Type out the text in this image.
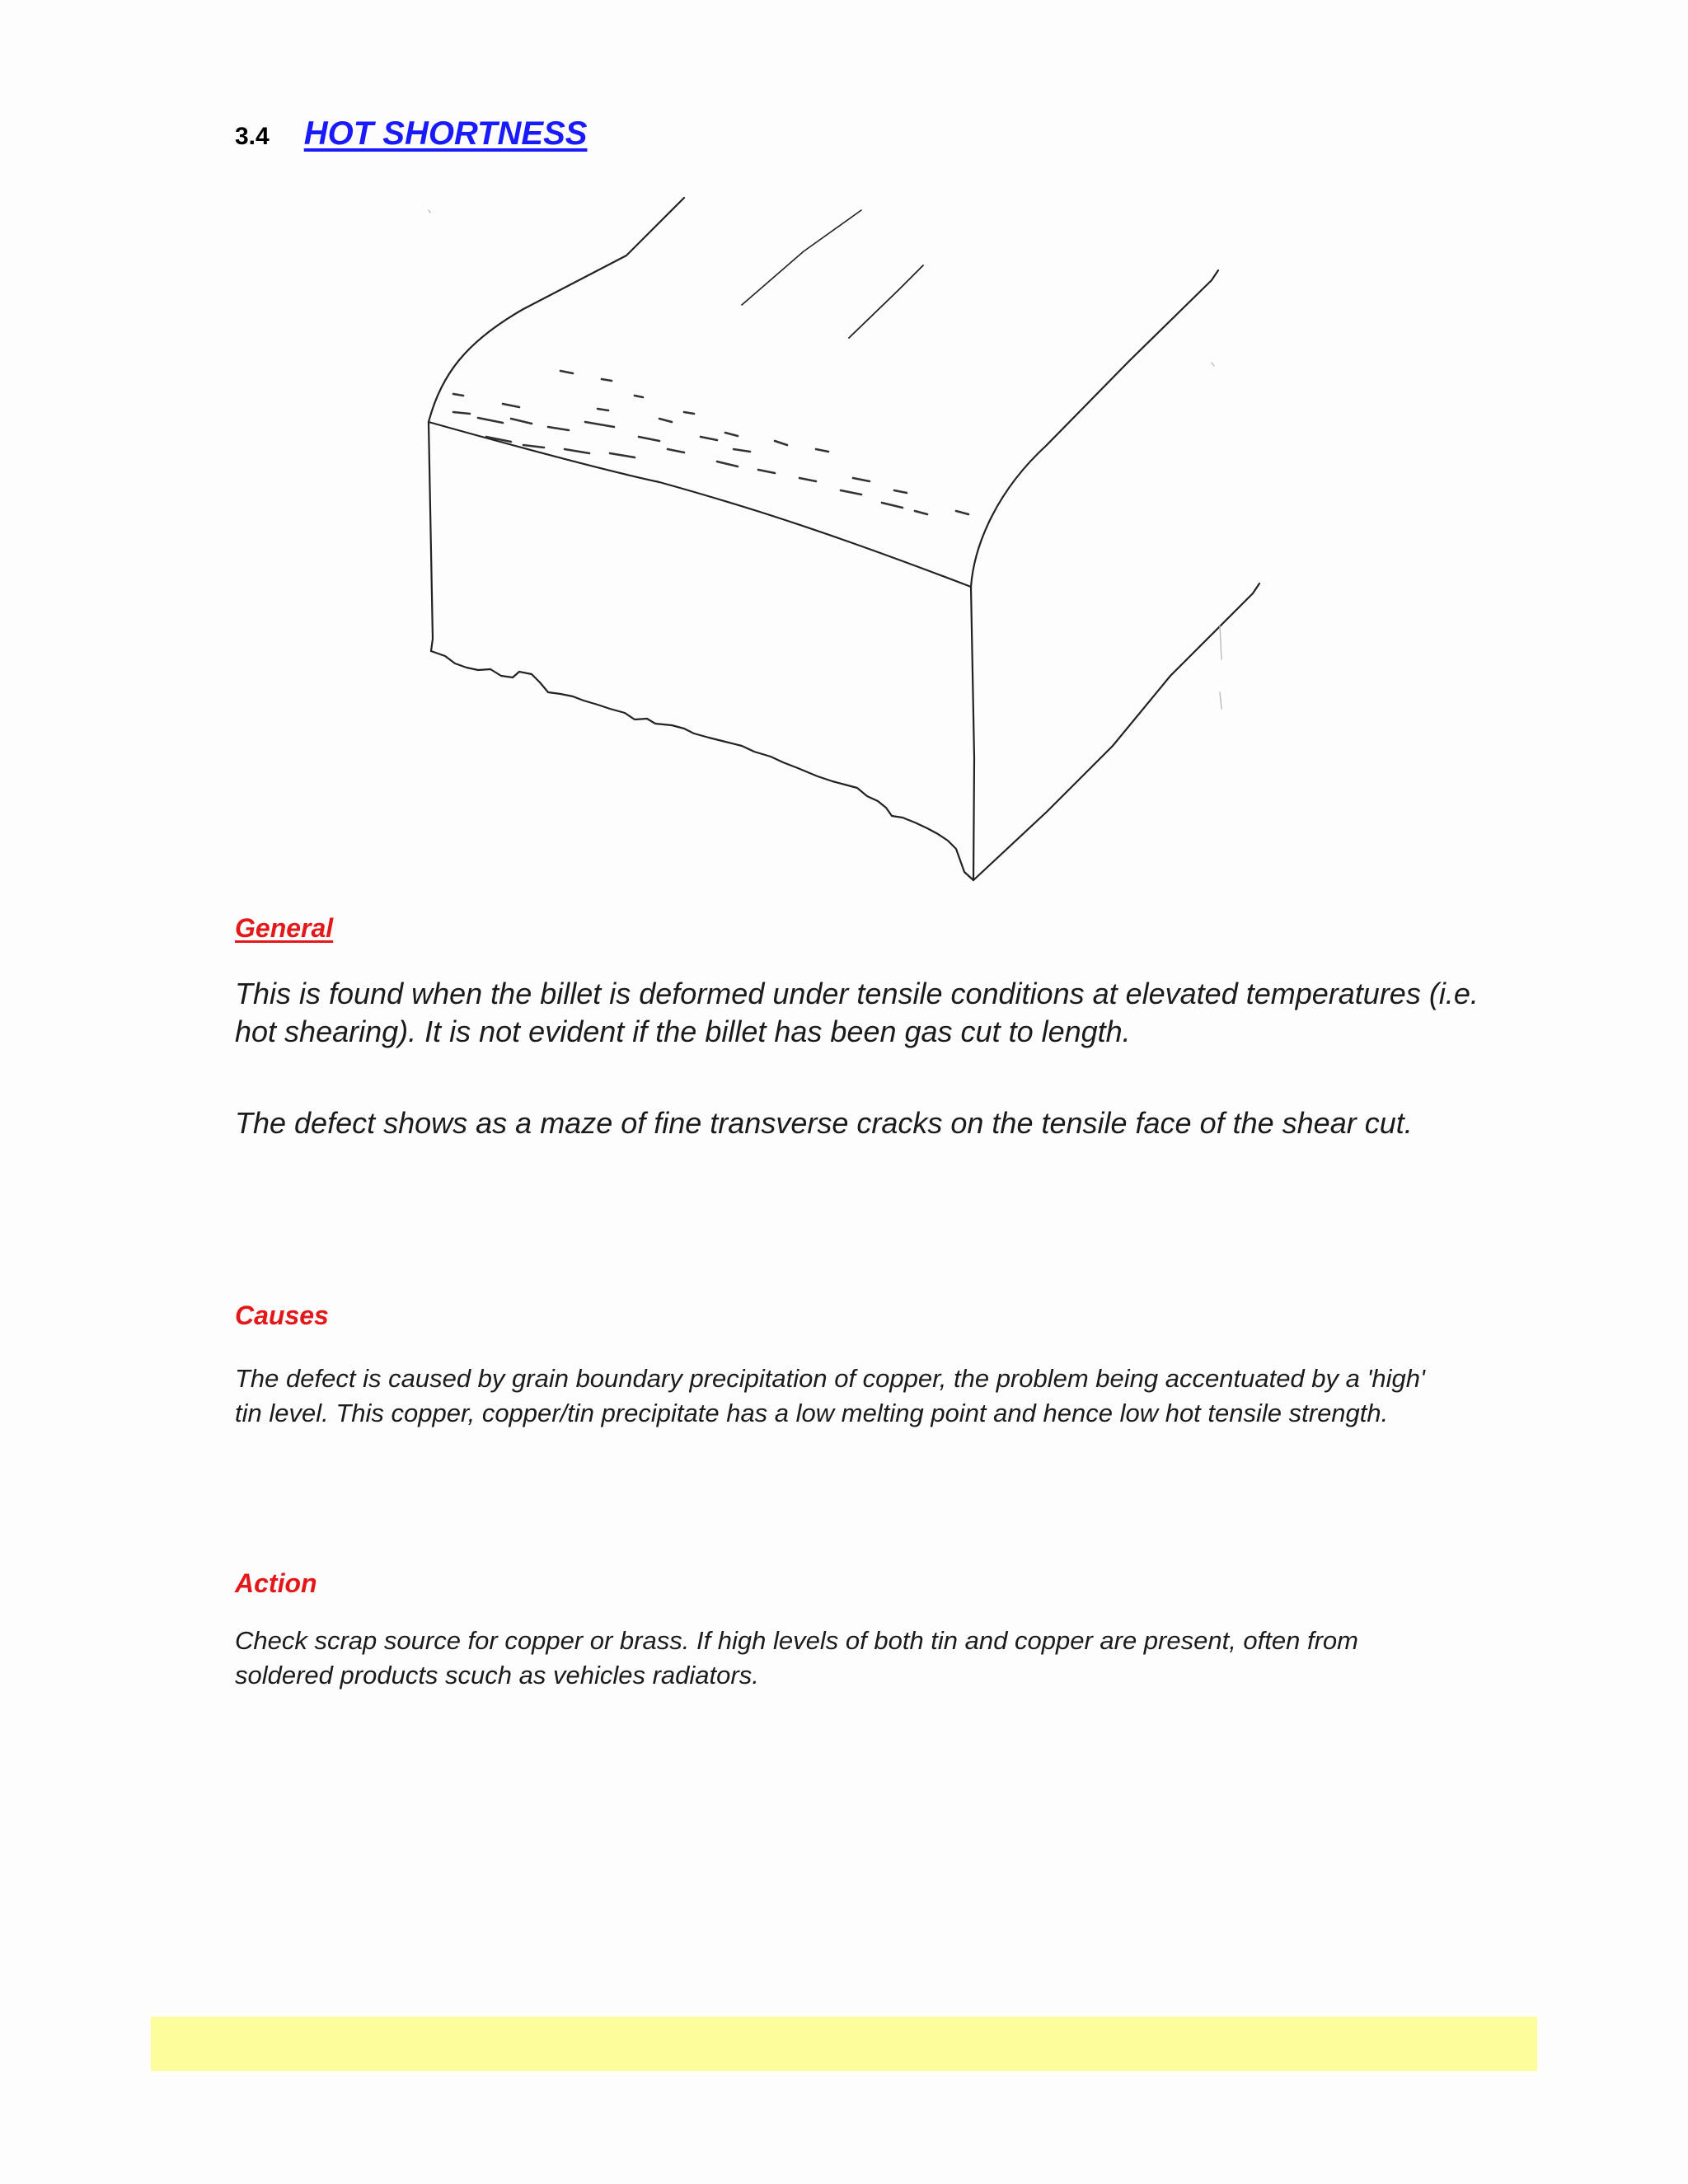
3.4 HOT SHORTNESS
General
This is found when the billet is deformed under tensile conditions at elevated temperatures (i.e.
hot shearing). It is not evident if the billet has been gas cut to length.
The defect shows as a maze of fine transverse cracks on the tensile face of the shear cut.
Causes
The defect is caused by grain boundary precipitation of copper, the problem being accentuated by a 'high'
tin level. This copper, copper/tin precipitate has a low melting point and hence low hot tensile strength.
Action
Check scrap source for copper or brass. If high levels of both tin and copper are present, often from
soldered products scuch as vehicles radiators.
